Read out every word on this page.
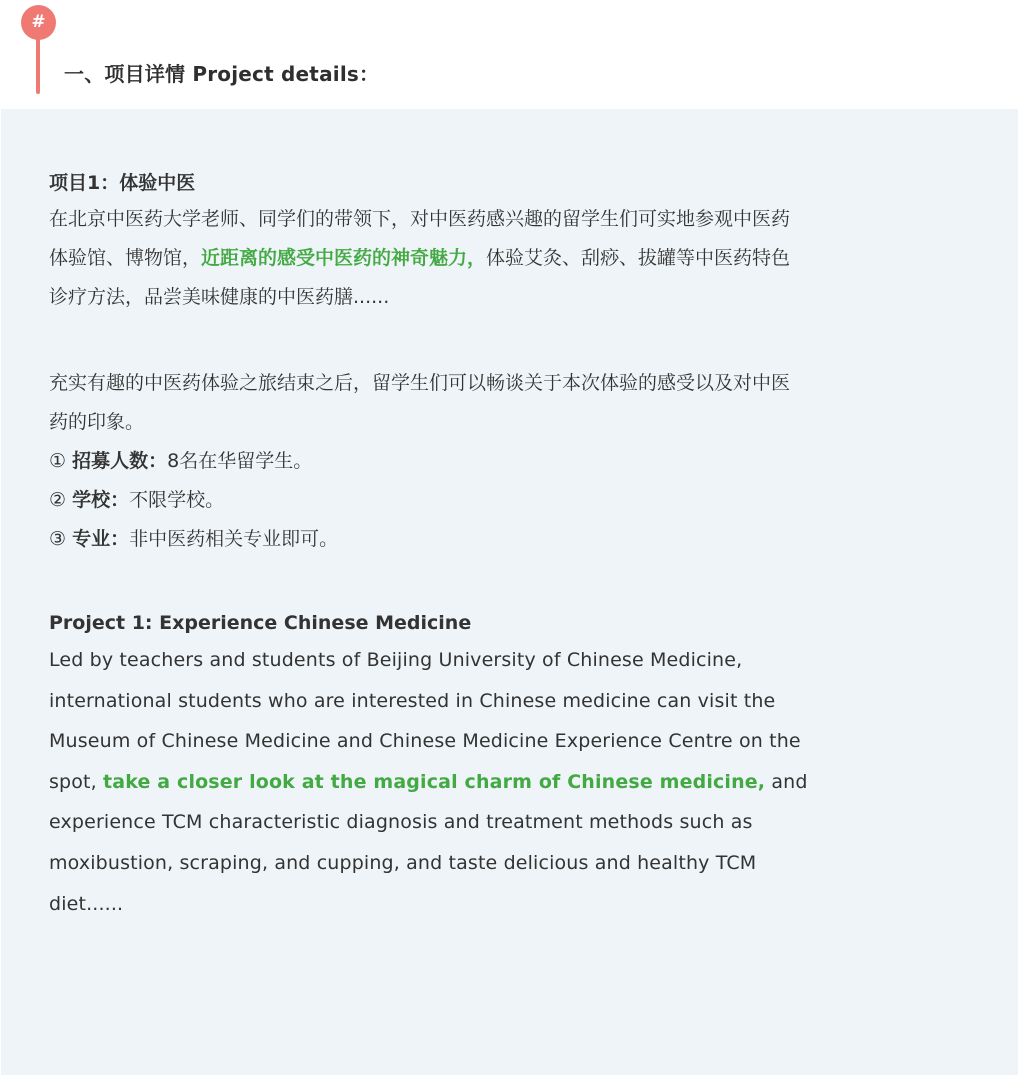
#
一、项目详情 Project details：

项目1：体验中医

在北京中医药大学老师、同学们的带领下，对中医药感兴趣的留学生们可实地参观中医药

体验馆、博物馆，近距离的感受中医药的神奇魅力，体验艾灸、刮痧、拔罐等中医药特色

诊疗方法，品尝美味健康的中医药膳......

充实有趣的中医药体验之旅结束之后，留学生们可以畅谈关于本次体验的感受以及对中医

药的印象。

① 招募人数：8名在华留学生。

② 学校：不限学校。

③ 专业：非中医药相关专业即可。

Project 1: Experience Chinese Medicine

Led by teachers and students of Beijing University of Chinese Medicine,

international students who are interested in Chinese medicine can visit the

Museum of Chinese Medicine and Chinese Medicine Experience Centre on the

spot, take a closer look at the magical charm of Chinese medicine, and

experience TCM characteristic diagnosis and treatment methods such as

moxibustion, scraping, and cupping, and taste delicious and healthy TCM

diet......
